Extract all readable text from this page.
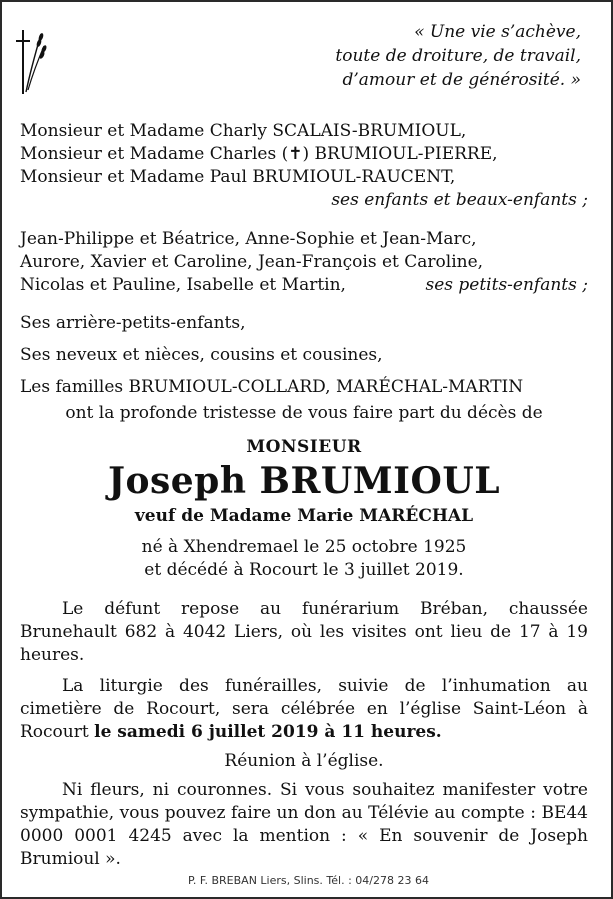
« Une vie s’achève,
toute de droiture, de travail,
d’amour et de générosité. »
Monsieur et Madame Charly SCALAIS-BRUMIOUL,
Monsieur et Madame Charles (✝) BRUMIOUL-PIERRE,
Monsieur et Madame Paul BRUMIOUL-RAUCENT,
ses enfants et beaux-enfants ;
Jean-Philippe et Béatrice, Anne-Sophie et Jean-Marc,
Aurore, Xavier et Caroline, Jean-François et Caroline,
Nicolas et Pauline, Isabelle et Martin,	ses petits-enfants ;
Ses arrière-petits-enfants,
Ses neveux et nièces, cousins et cousines,
Les familles BRUMIOUL-COLLARD, MARÉCHAL-MARTIN
ont la profonde tristesse de vous faire part du décès de
MONSIEUR
Joseph BRUMIOUL
veuf de Madame Marie MARÉCHAL
né à Xhendremael le 25 octobre 1925
et décédé à Rocourt le 3 juillet 2019.

Le défunt repose au funérarium Bréban, chaussée Brunehault 682 à 4042 Liers, où les visites ont lieu de 17 à 19 heures.

La liturgie des funérailles, suivie de l’inhumation au cimetière de Rocourt, sera célébrée en l’église Saint-Léon à Rocourt le samedi 6 juillet 2019 à 11 heures.

Réunion à l’église.

Ni fleurs, ni couronnes. Si vous souhaitez manifester votre sympathie, vous pouvez faire un don au Télévie au compte : BE44 0000 0001 4245 avec la mention : « En souvenir de Joseph Brumioul ».

P. F. BREBAN Liers, Slins. Tél. : 04/278 23 64
